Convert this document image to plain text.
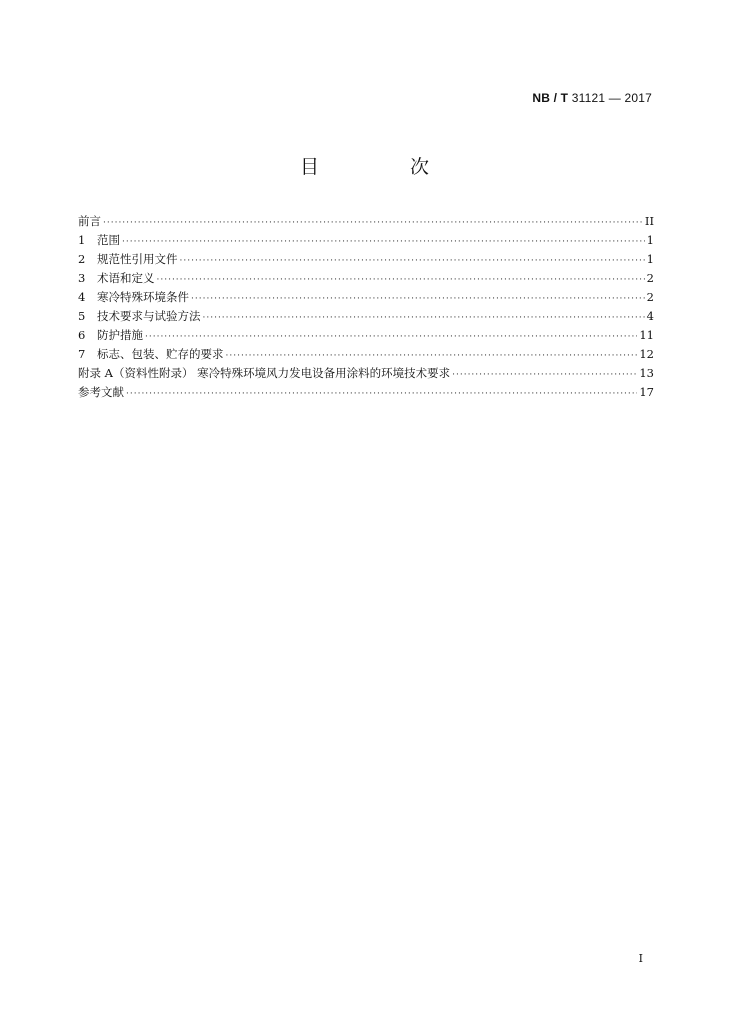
NB / T 31121 — 2017
目　次
前言 ·····	II
1	范围 ·····	1
2	规范性引用文件 ·····	1
3	术语和定义 ·····	2
4	寒冷特殊环境条件 ·····	2
5	技术要求与试验方法 ·····	4
6	防护措施 ·····	11
7	标志、包装、贮存的要求 ·····	12
附录 A（资料性附录） 寒冷特殊环境风力发电设备用涂料的环境技术要求 ·····	13
参考文献 ·····	17
I
